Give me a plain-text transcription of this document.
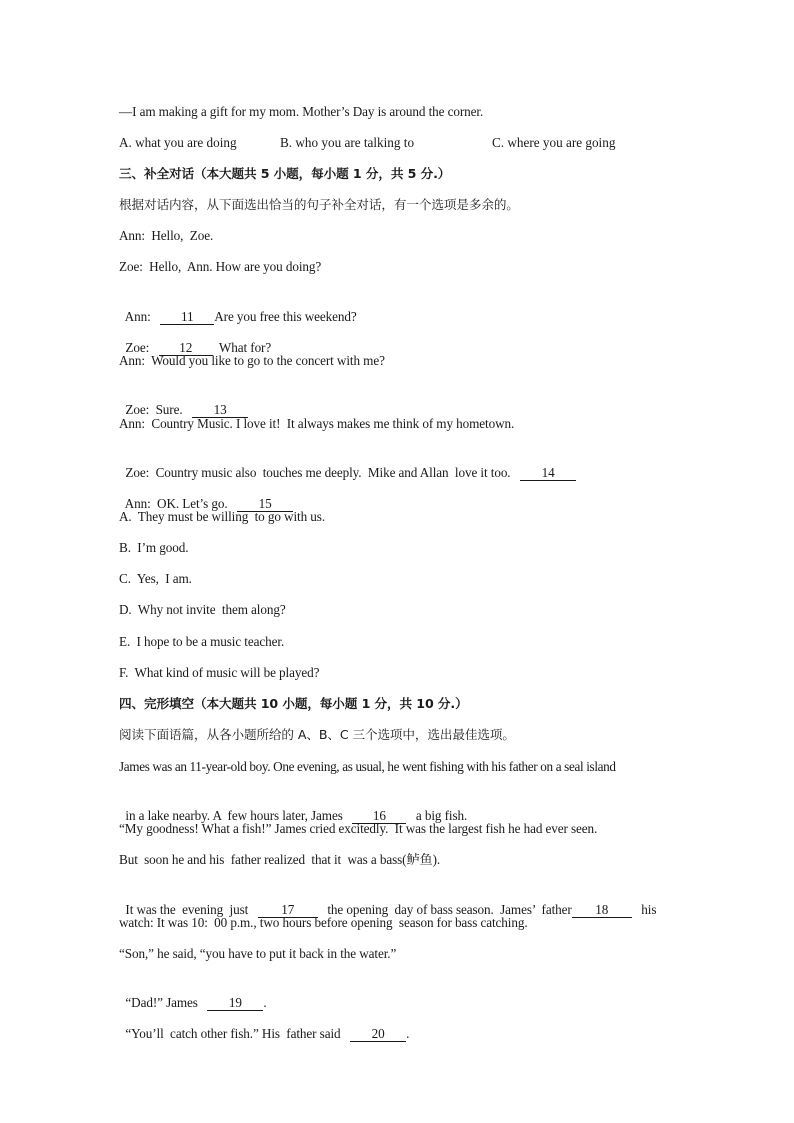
—I am making a gift for my mom. Mother’s Day is around the corner.
A. what you are doing	B. who you are talking to	C. where you are going
三、补全对话（本大题共 5 小题，每小题 1 分，共 5 分.）
根据对话内容，从下面选出恰当的句子补全对话，有一个选项是多余的。
Ann:  Hello,  Zoe.
Zoe:  Hello,  Ann. How are you doing?

Ann:   11 Are you free this weekend?

Zoe:   12  What for?

Ann:  Would you like to go to the concert with me?

Zoe:  Sure.   13

Ann:  Country Music. I love it!  It always makes me think of my hometown.

Zoe:  Country music also  touches me deeply.  Mike and Allan  love it too.   14

Ann:  OK. Let’s go.   15

A.  They must be willing  to go with us.
B.  I’m good.
C.  Yes,  I am.
D.  Why not invite  them along?
E.  I hope to be a music teacher.
F.  What kind of music will be played?
四、完形填空（本大题共 10 小题，每小题 1 分，共 10 分.）
阅读下面语篇，从各小题所给的 A、B、C 三个选项中，选出最佳选项。
James was an 11-year-old boy. One evening, as usual, he went fishing with his father on a seal island

in a lake nearby. A  few hours later, James   16   a big fish.

“My goodness! What a fish!” James cried excitedly.  It was the largest fish he had ever seen.
But  soon he and his  father realized  that it  was a bass(鲈鱼).

It was the  evening  just   17   the opening  day of bass season.  James’  father 18   his

watch: It was 10:  00 p.m., two hours before opening  season for bass catching.
“Son,” he said, “you have to put it back in the water.”

“Dad!” James   19 .

“You’ll  catch other fish.” His  father said   20 .
